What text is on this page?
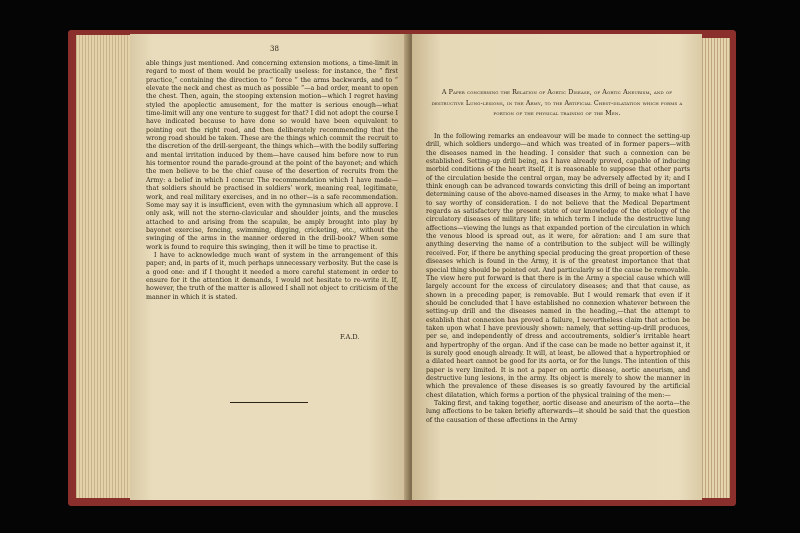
38

able things just mentioned. And concerning extension motions, a time-limit in regard to most of them would be practically useless: for instance, the “ first practice,” containing the direction to “ force ” the arms backwards, and to “ elevate the neck and chest as much as possible ”—a bad order, meant to open the chest. Then, again, the stooping extension motion—which I regret having styled the apoplectic amusement, for the matter is serious enough—what time-limit will any one venture to suggest for that? I did not adopt the course I have indicated because to have done so would have been equivalent to pointing out the right road, and then deliberately recommending that the wrong road should be taken. These are the things which commit the recruit to the discretion of the drill-sergeant, the things which—with the bodily suffering and mental irritation induced by them—have caused him before now to run his tormentor round the parade-ground at the point of the bayonet; and which the men believe to be the chief cause of the desertion of recruits from the Army: a belief in which I concur. The recommendation which I have made—that soldiers should be practised in soldiers’ work, meaning real, legitimate, work, and real military exercises, and in no other—is a safe recommendation. Some may say it is insufficient, even with the gymnasium which all approve. I only ask, will not the sterno-clavicular and shoulder joints, and the muscles attached to and arising from the scapulæ, be amply brought into play by bayonet exercise, fencing, swimming, digging, cricketing, etc., without the swinging of the arms in the manner ordered in the drill-book? When some work is found to require this swinging, then it will be time to practise it.

I have to acknowledge much want of system in the arrangement of this paper; and, in parts of it, much perhaps unnecessary verbosity. But the case is a good one: and if I thought it needed a more careful statement in order to ensure for it the attention it demands, I would not hesitate to re-write it. If, however, the truth of the matter is allowed I shall not object to criticism of the manner in which it is stated.

F.A.D.
A Paper concerning the Relation of Aortic Disease, of Aortic Aneurism, and of destructive Lung-lesions, in the Army, to the Artificial Chest-dilatation which forms a portion of the physical training of the Men.

In the following remarks an endeavour will be made to connect the setting-up drill, which soldiers undergo—and which was treated of in former papers—with the diseases named in the heading. I consider that such a connexion can be established. Setting-up drill being, as I have already proved, capable of inducing morbid conditions of the heart itself, it is reasonable to suppose that other parts of the circulation beside the central organ, may be adversely affected by it; and I think enough can be advanced towards convicting this drill of being an important determining cause of the above-named diseases in the Army, to make what I have to say worthy of consideration. I do not believe that the Medical Department regards as satisfactory the present state of our knowledge of the etiology of the circulatory diseases of military life; in which term I include the destructive lung affections—viewing the lungs as that expanded portion of the circulation in which the venous blood is spread out, as it were, for aëration: and I am sure that anything deserving the name of a contribution to the subject will be willingly received. For, if there be anything special producing the great proportion of these diseases which is found in the Army, it is of the greatest importance that that special thing should be pointed out. And particularly so if the cause be removable. The view here put forward is that there is in the Army a special cause which will largely account for the excess of circulatory diseases; and that that cause, as shown in a preceding paper, is removable. But I would remark that even if it should be concluded that I have established no connexion whatever between the setting-up drill and the diseases named in the heading,—that the attempt to establish that connexion has proved a failure, I nevertheless claim that action be taken upon what I have previously shown: namely, that setting-up-drill produces, per se, and independently of dress and accoutrements, soldier’s irritable heart and hypertrophy of the organ. And if the case can be made no better against it, it is surely good enough already. It will, at least, be allowed that a hypertrophied or a dilated heart cannot be good for its aorta, or for the lungs. The intention of this paper is very limited. It is not a paper on aortic disease, aortic aneurism, and destructive lung lesions, in the army. Its object is merely to show the manner in which the prevalence of these diseases is so greatly favoured by the artificial chest dilatation, which forms a portion of the physical training of the men:—

Taking first, and taking together, aortic disease and aneurism of the aorta—the lung affections to be taken briefly afterwards—it should be said that the question of the causation of these affections in the Army
